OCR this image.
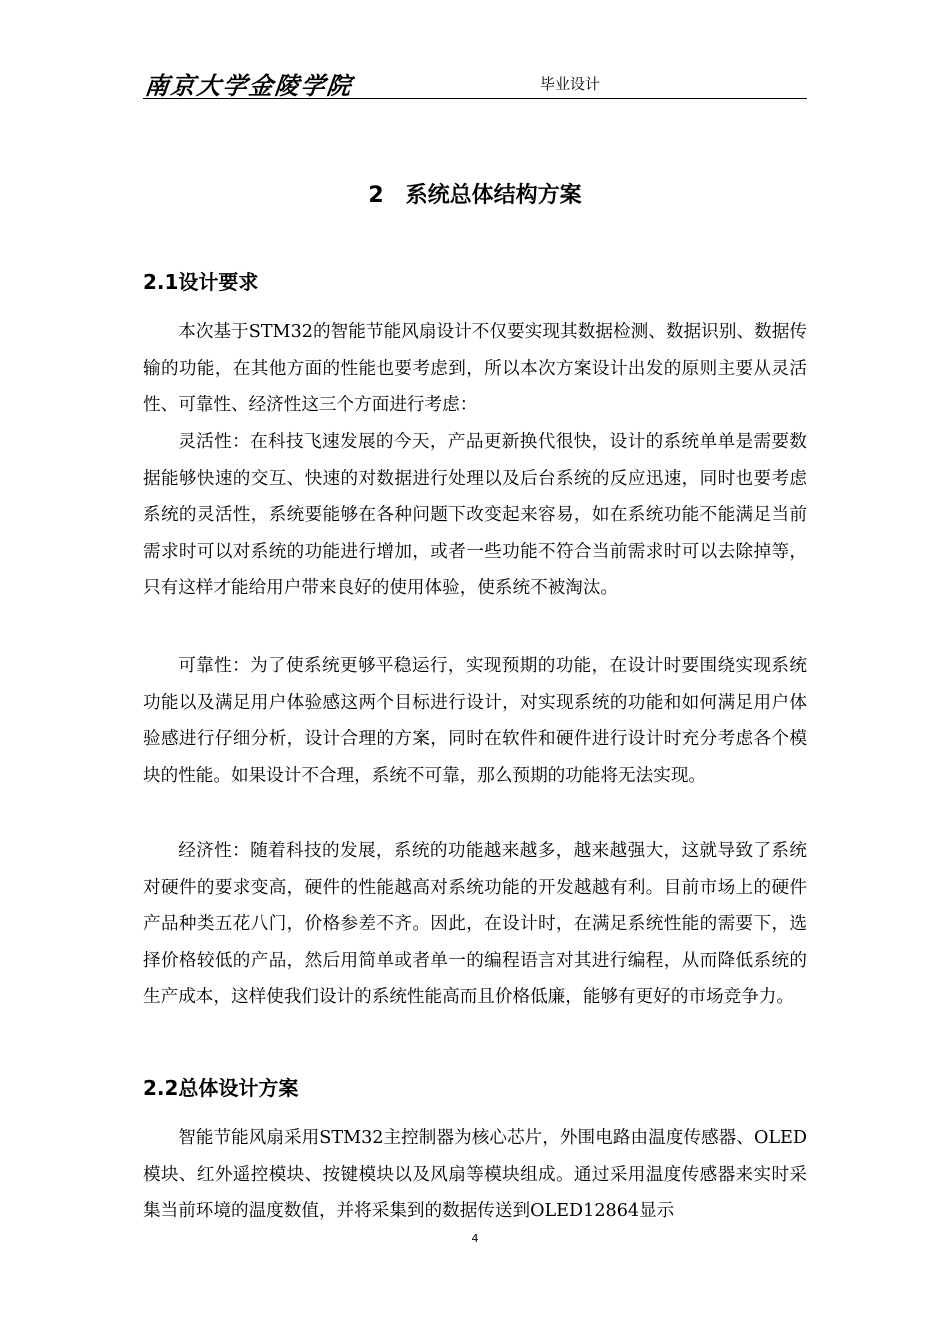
南京大学金陵学院	毕业设计
2 系统总体结构方案
2.1设计要求
本次基于STM32的智能节能风扇设计不仅要实现其数据检测、数据识别、数据传输的功能，在其他方面的性能也要考虑到，所以本次方案设计出发的原则主要从灵活性、可靠性、经济性这三个方面进行考虑：
灵活性：在科技飞速发展的今天，产品更新换代很快，设计的系统单单是需要数据能够快速的交互、快速的对数据进行处理以及后台系统的反应迅速，同时也要考虑系统的灵活性，系统要能够在各种问题下改变起来容易，如在系统功能不能满足当前需求时可以对系统的功能进行增加，或者一些功能不符合当前需求时可以去除掉等，只有这样才能给用户带来良好的使用体验，使系统不被淘汰。
可靠性：为了使系统更够平稳运行，实现预期的功能，在设计时要围绕实现系统功能以及满足用户体验感这两个目标进行设计，对实现系统的功能和如何满足用户体验感进行仔细分析，设计合理的方案，同时在软件和硬件进行设计时充分考虑各个模块的性能。如果设计不合理，系统不可靠，那么预期的功能将无法实现。
经济性：随着科技的发展，系统的功能越来越多，越来越强大，这就导致了系统对硬件的要求变高，硬件的性能越高对系统功能的开发越越有利。目前市场上的硬件产品种类五花八门，价格参差不齐。因此，在设计时，在满足系统性能的需要下，选择价格较低的产品，然后用简单或者单一的编程语言对其进行编程，从而降低系统的生产成本，这样使我们设计的系统性能高而且价格低廉，能够有更好的市场竞争力。
2.2总体设计方案
智能节能风扇采用STM32主控制器为核心芯片，外围电路由温度传感器、OLED模块、红外遥控模块、按键模块以及风扇等模块组成。通过采用温度传感器来实时采集当前环境的温度数值，并将采集到的数据传送到OLED12864显示
4
